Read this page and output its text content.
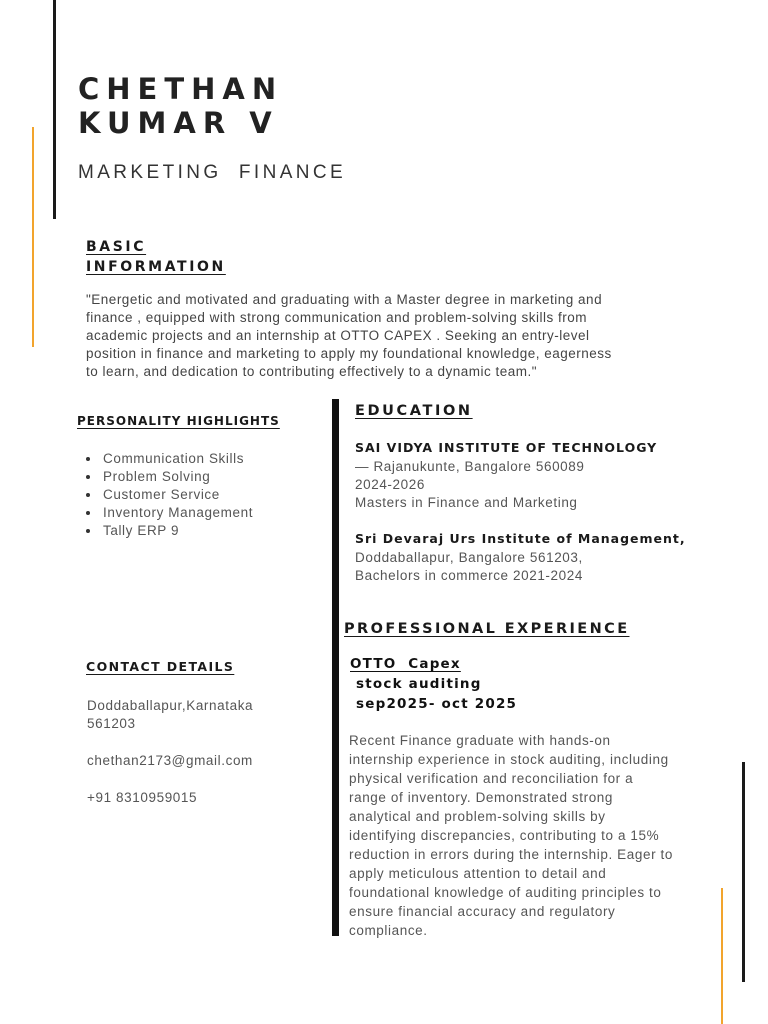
CHETHAN
KUMAR V
MARKETING  FINANCE
BASIC
INFORMATION
"Energetic and motivated and graduating with a Master degree in marketing and
finance , equipped with strong communication and problem-solving skills from
academic projects and an internship at OTTO CAPEX . Seeking an entry-level
position in finance and marketing to apply my foundational knowledge, eagerness
to learn, and dedication to contributing effectively to a dynamic team."
PERSONALITY HIGHLIGHTS
Communication Skills
Problem Solving
Customer Service
Inventory Management
Tally ERP 9
CONTACT DETAILS
Doddaballapur,Karnataka
561203
chethan2173@gmail.com
+91 8310959015
EDUCATION
SAI VIDYA INSTITUTE OF TECHNOLOGY
— Rajanukunte, Bangalore 560089
2024-2026
Masters in Finance and Marketing
Sri Devaraj Urs Institute of Management,
Doddaballapur, Bangalore 561203,
Bachelors in commerce 2021-2024
PROFESSIONAL EXPERIENCE
OTTO  Capex
stock auditing
sep2025- oct 2025
Recent Finance graduate with hands-on
internship experience in stock auditing, including
physical verification and reconciliation for a
range of inventory. Demonstrated strong
analytical and problem-solving skills by
identifying discrepancies, contributing to a 15%
reduction in errors during the internship. Eager to
apply meticulous attention to detail and
foundational knowledge of auditing principles to
ensure financial accuracy and regulatory
compliance.
